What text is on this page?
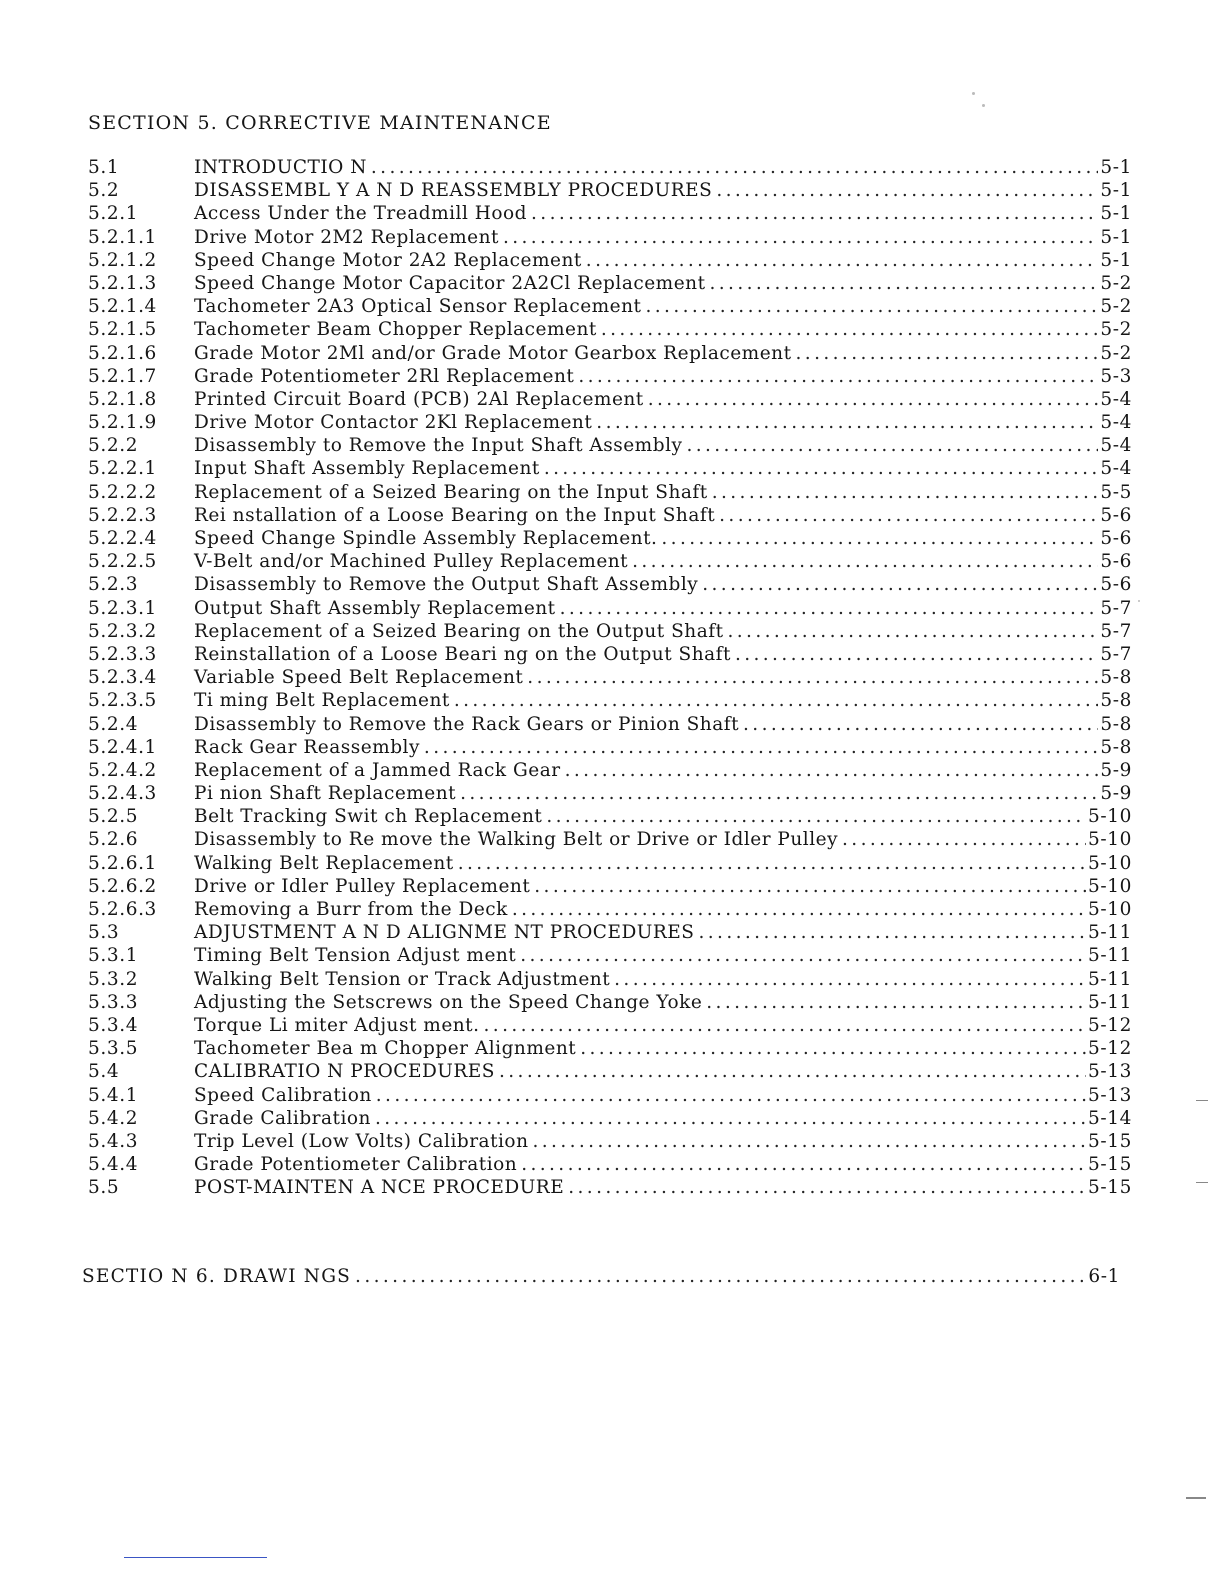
SECTION 5. CORRECTIVE MAINTENANCE
5.1	INTRODUCTIO N .....	5-1
5.2	DISASSEMBL Y A N D REASSEMBLY PROCEDURES .....	5-1
5.2.1	Access Under the Treadmill Hood .....	5-1
5.2.1.1	Drive Motor 2M2 Replacement .....	5-1
5.2.1.2	Speed Change Motor 2A2 Replacement .....	5-1
5.2.1.3	Speed Change Motor Capacitor 2A2Cl Replacement .....	5-2
5.2.1.4	Tachometer 2A3 Optical Sensor Replacement .....	5-2
5.2.1.5	Tachometer Beam Chopper Replacement .....	5-2
5.2.1.6	Grade Motor 2Ml and/or Grade Motor Gearbox Replacement .....	5-2
5.2.1.7	Grade Potentiometer 2Rl Replacement .....	5-3
5.2.1.8	Printed Circuit Board (PCB) 2Al Replacement .....	5-4
5.2.1.9	Drive Motor Contactor 2Kl Replacement .....	5-4
5.2.2	Disassembly to Remove the Input Shaft Assembly .....	5-4
5.2.2.1	Input Shaft Assembly Replacement .....	5-4
5.2.2.2	Replacement of a Seized Bearing on the Input Shaft .....	5-5
5.2.2.3	Rei nstallation of a Loose Bearing on the Input Shaft .....	5-6
5.2.2.4	Speed Change Spindle Assembly Replacement. .....	5-6
5.2.2.5	V-Belt and/or Machined Pulley Replacement .....	5-6
5.2.3	Disassembly to Remove the Output Shaft Assembly .....	5-6
5.2.3.1	Output Shaft Assembly Replacement .....	5-7
5.2.3.2	Replacement of a Seized Bearing on the Output Shaft .....	5-7
5.2.3.3	Reinstallation of a Loose Beari ng on the Output Shaft .....	5-7
5.2.3.4	Variable Speed Belt Replacement .....	5-8
5.2.3.5	Ti ming Belt Replacement .....	5-8
5.2.4	Disassembly to Remove the Rack Gears or Pinion Shaft .....	5-8
5.2.4.1	Rack Gear Reassembly .....	5-8
5.2.4.2	Replacement of a Jammed Rack Gear .....	5-9
5.2.4.3	Pi nion Shaft Replacement .....	5-9
5.2.5	Belt Tracking Swit ch Replacement .....	5-10
5.2.6	Disassembly to Re move the Walking Belt or Drive or Idler Pulley .....	5-10
5.2.6.1	Walking Belt Replacement .....	5-10
5.2.6.2	Drive or Idler Pulley Replacement .....	5-10
5.2.6.3	Removing a Burr from the Deck .....	5-10
5.3	ADJUSTMENT A N D ALIGNME NT PROCEDURES .....	5-11
5.3.1	Timing Belt Tension Adjust ment .....	5-11
5.3.2	Walking Belt Tension or Track Adjustment .....	5-11
5.3.3	Adjusting the Setscrews on the Speed Change Yoke .....	5-11
5.3.4	Torque Li miter Adjust ment. .....	5-12
5.3.5	Tachometer Bea m Chopper Alignment .....	5-12
5.4	CALIBRATIO N PROCEDURES .....	5-13
5.4.1	Speed Calibration .....	5-13
5.4.2	Grade Calibration .....	5-14
5.4.3	Trip Level (Low Volts) Calibration .....	5-15
5.4.4	Grade Potentiometer Calibration .....	5-15
5.5	POST-MAINTEN A NCE PROCEDURE .....	5-15
SECTIO N 6. DRAWI NGS .....	6-1
